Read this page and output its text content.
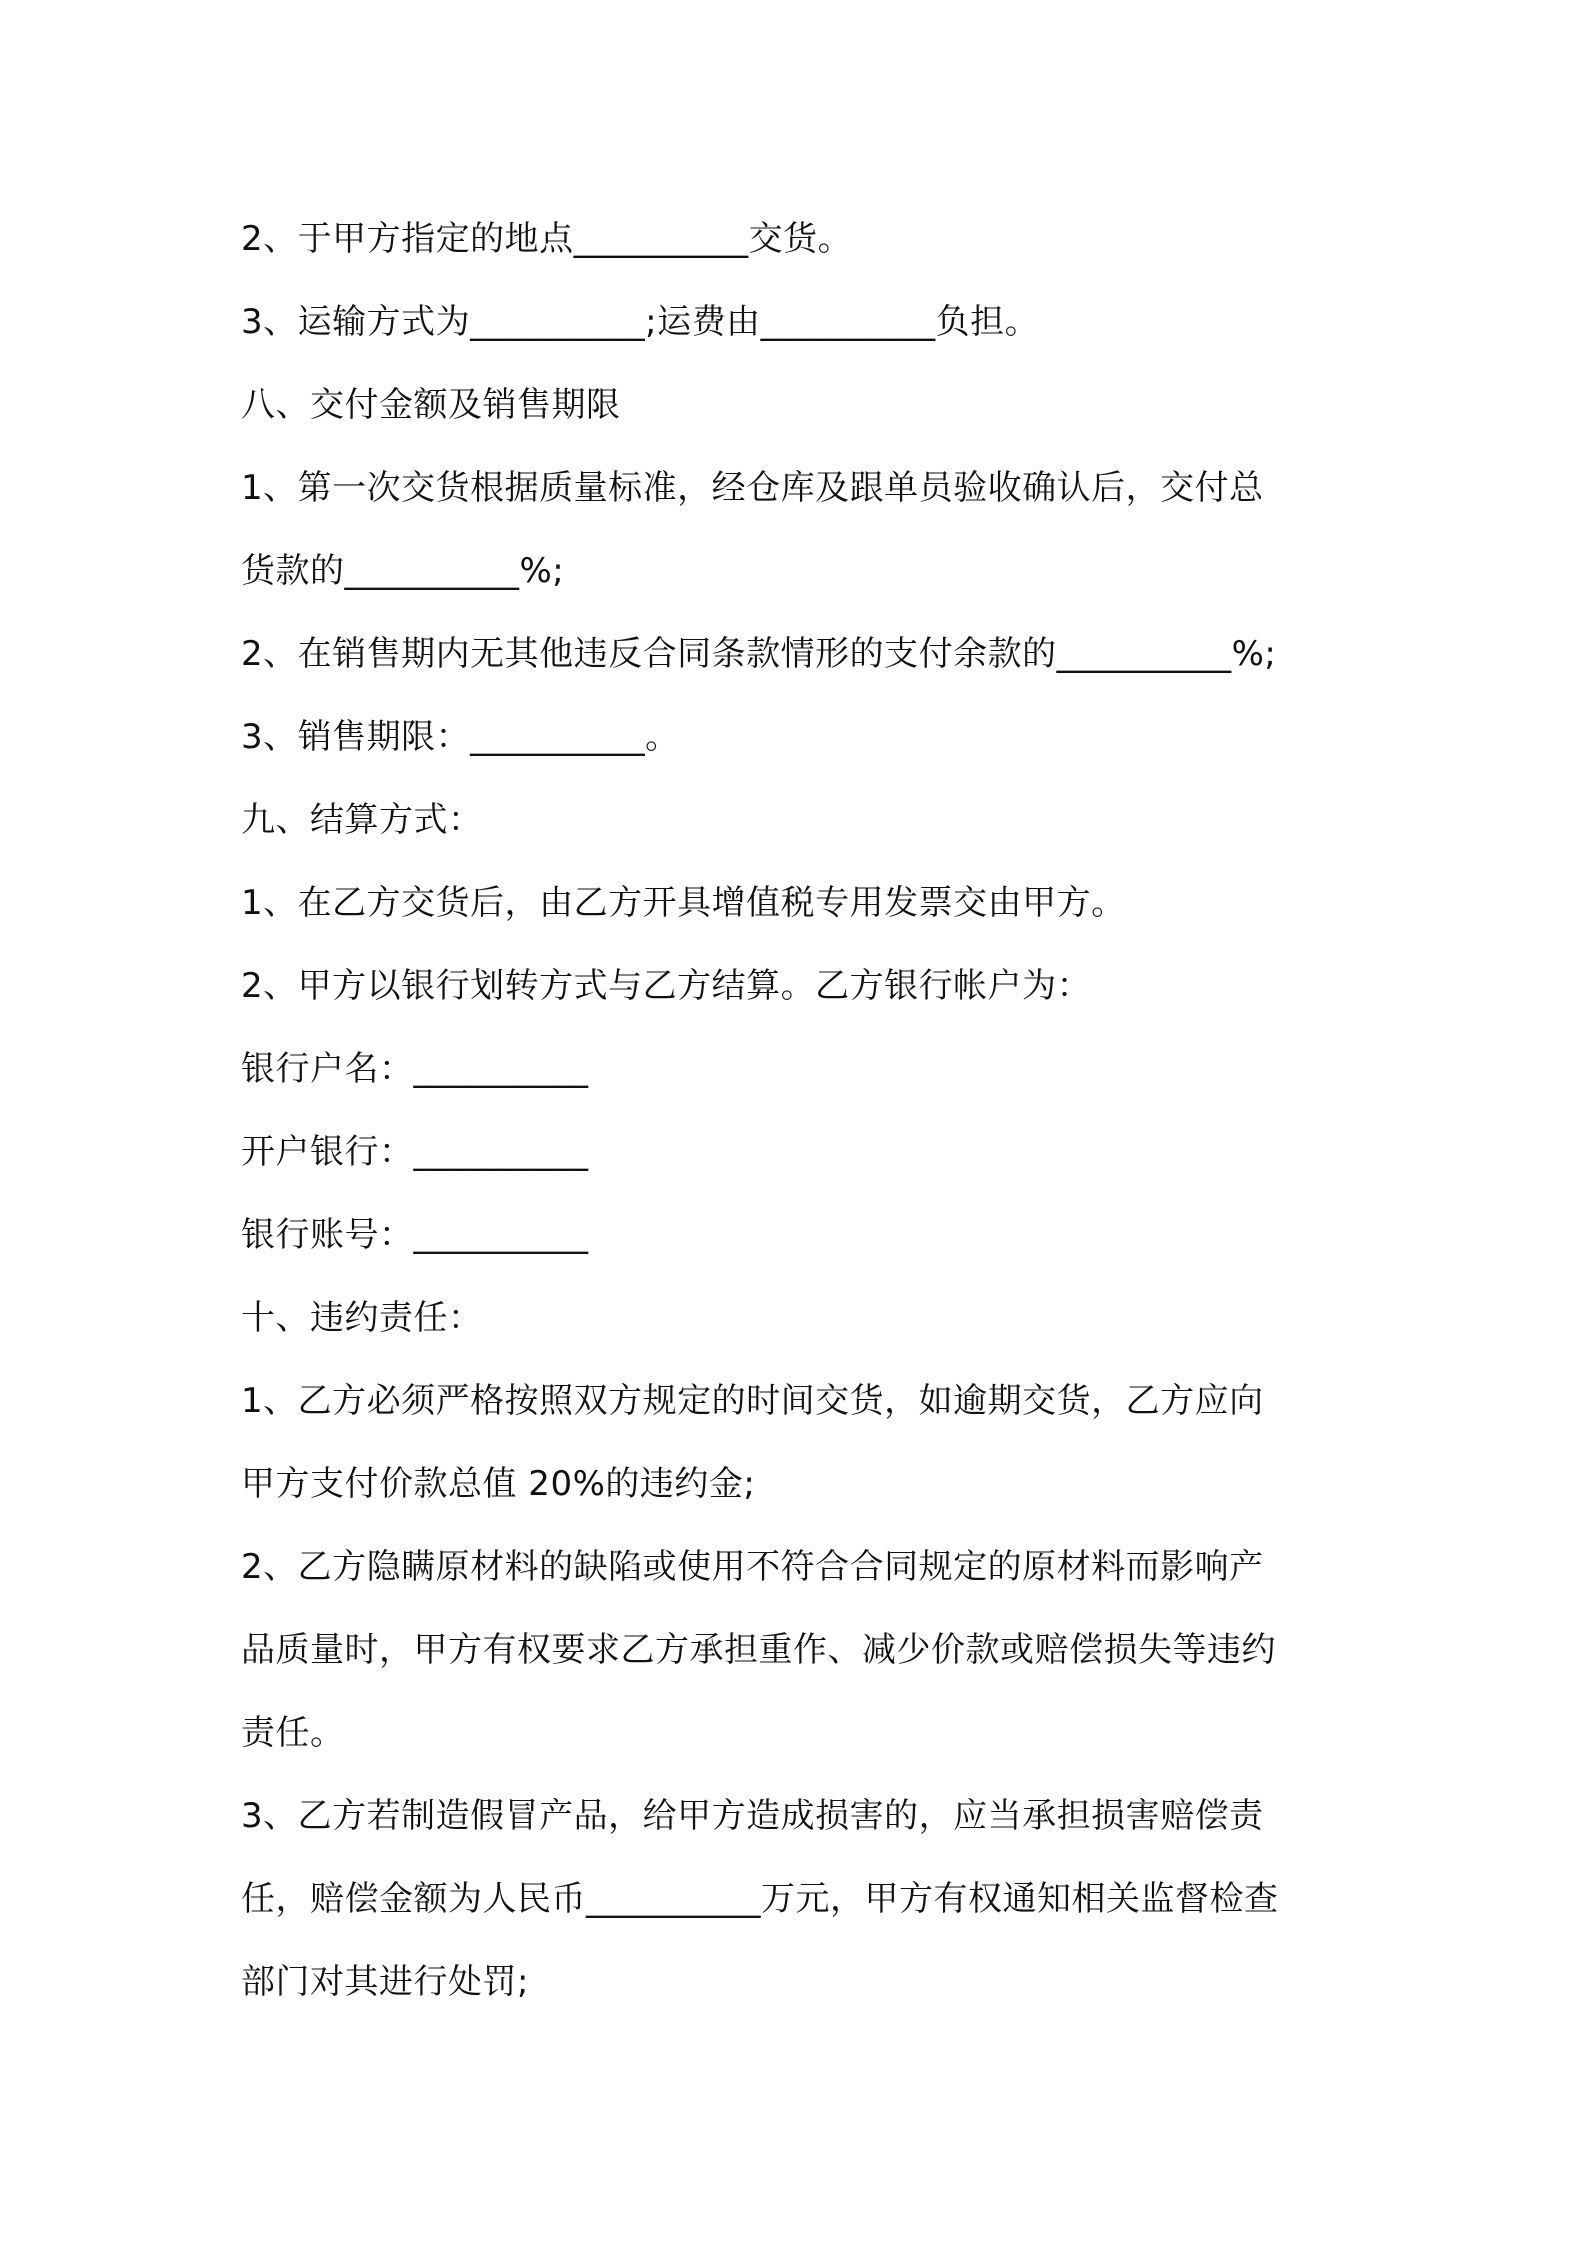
2、于甲方指定的地点__________交货。
3、运输方式为__________;运费由__________负担。
八、交付金额及销售期限
1、第一次交货根据质量标准，经仓库及跟单员验收确认后，交付总
货款的__________%;
2、在销售期内无其他违反合同条款情形的支付余款的__________%;
3、销售期限：__________。
九、结算方式：
1、在乙方交货后，由乙方开具增值税专用发票交由甲方。
2、甲方以银行划转方式与乙方结算。乙方银行帐户为：
银行户名：__________
开户银行：__________
银行账号：__________
十、违约责任：
1、乙方必须严格按照双方规定的时间交货，如逾期交货，乙方应向
甲方支付价款总值 20%的违约金;
2、乙方隐瞒原材料的缺陷或使用不符合合同规定的原材料而影响产
品质量时，甲方有权要求乙方承担重作、减少价款或赔偿损失等违约
责任。
3、乙方若制造假冒产品，给甲方造成损害的，应当承担损害赔偿责
任，赔偿金额为人民币__________万元，甲方有权通知相关监督检查
部门对其进行处罚;
